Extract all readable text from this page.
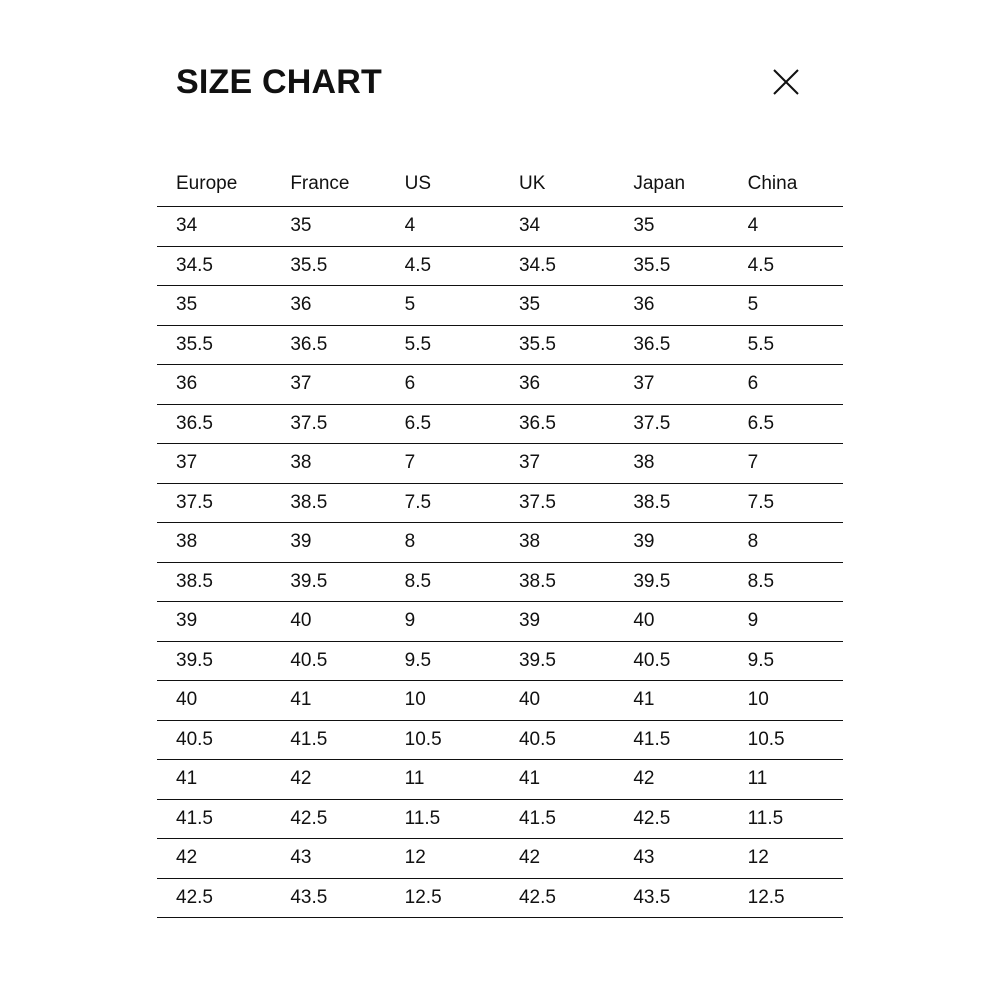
SIZE CHART
Europe	France	US	UK	Japan	China
34	35	4	34	35	4
34.5	35.5	4.5	34.5	35.5	4.5
35	36	5	35	36	5
35.5	36.5	5.5	35.5	36.5	5.5
36	37	6	36	37	6
36.5	37.5	6.5	36.5	37.5	6.5
37	38	7	37	38	7
37.5	38.5	7.5	37.5	38.5	7.5
38	39	8	38	39	8
38.5	39.5	8.5	38.5	39.5	8.5
39	40	9	39	40	9
39.5	40.5	9.5	39.5	40.5	9.5
40	41	10	40	41	10
40.5	41.5	10.5	40.5	41.5	10.5
41	42	11	41	42	11
41.5	42.5	11.5	41.5	42.5	11.5
42	43	12	42	43	12
42.5	43.5	12.5	42.5	43.5	12.5
